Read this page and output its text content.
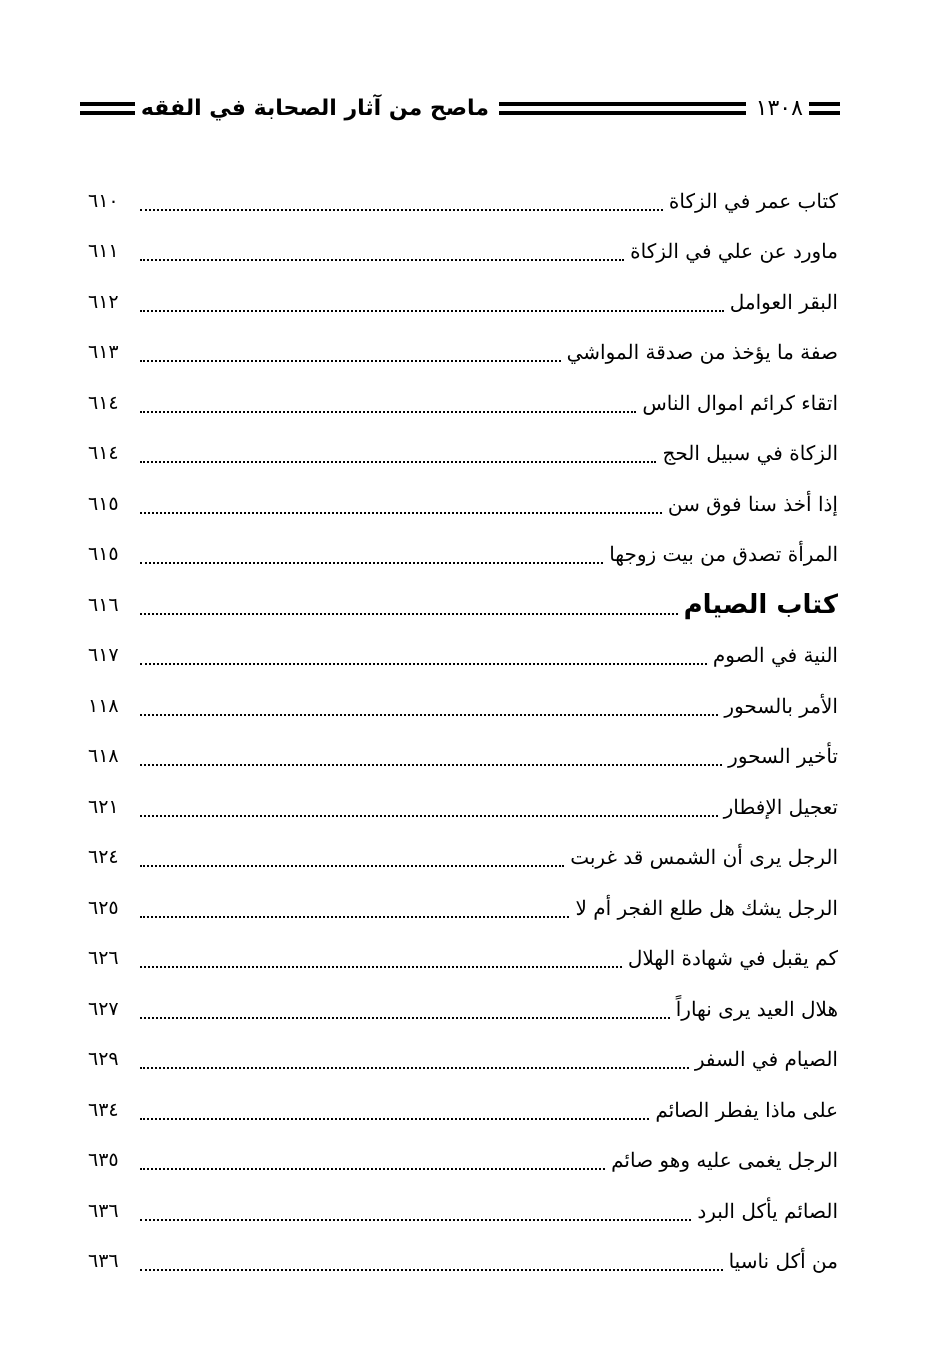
١٣٠٨
ماصح من آثار الصحابة في الفقه
كتاب عمر في الزكاة
٦١٠
ماورد عن علي في الزكاة
٦١١
البقر العوامل
٦١٢
صفة ما يؤخذ من صدقة المواشي
٦١٣
اتقاء كرائم اموال الناس
٦١٤
الزكاة في سبيل الحج
٦١٤
إذا أخذ سنا فوق سن
٦١٥
المرأة تصدق من بيت زوجها
٦١٥
كتاب الصيام
٦١٦
النية في الصوم
٦١٧
الأمر بالسحور
١١٨
تأخير السحور
٦١٨
تعجيل الإفطار
٦٢١
الرجل يرى أن الشمس قد غربت
٦٢٤
الرجل يشك هل طلع الفجر أم لا
٦٢٥
كم يقبل في شهادة الهلال
٦٢٦
هلال العيد يرى نهاراً
٦٢٧
الصيام في السفر
٦٢٩
على ماذا يفطر الصائم
٦٣٤
الرجل يغمى عليه وهو صائم
٦٣٥
الصائم يأكل البرد
٦٣٦
من أكل ناسيا
٦٣٦
